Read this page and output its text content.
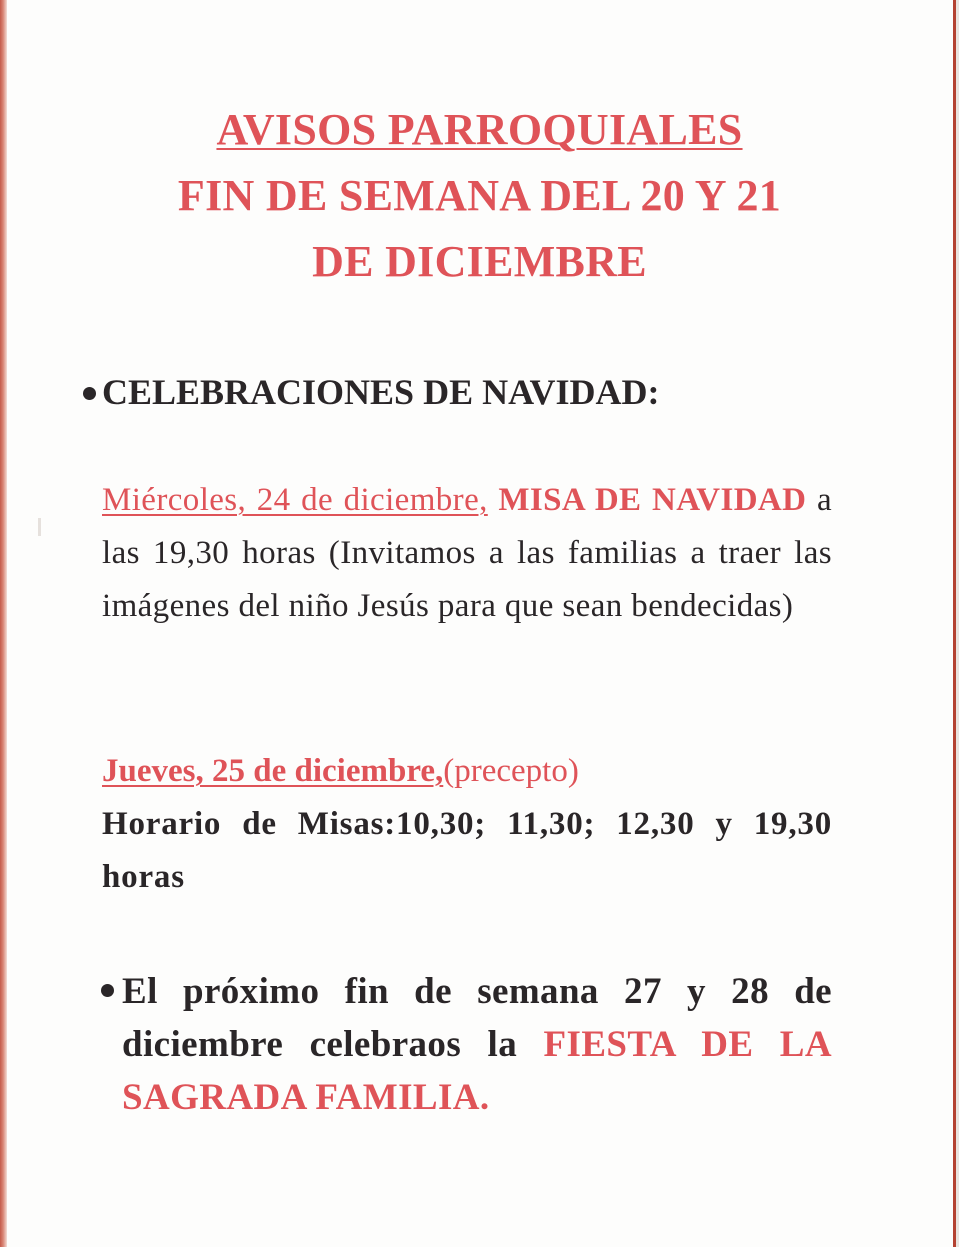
AVISOS PARROQUIALES
FIN DE SEMANA DEL 20 Y 21
DE DICIEMBRE
CELEBRACIONES DE NAVIDAD:
Miércoles, 24 de diciembre, MISA DE NAVIDAD a las 19,30 horas (Invitamos a las familias a traer las imágenes del niño Jesús para que sean bendecidas)
Jueves, 25 de diciembre,(precepto)
Horario de Misas:10,30; 11,30; 12,30 y 19,30 horas
El próximo fin de semana 27 y 28 de diciembre celebraos la FIESTA DE LA SAGRADA FAMILIA.
